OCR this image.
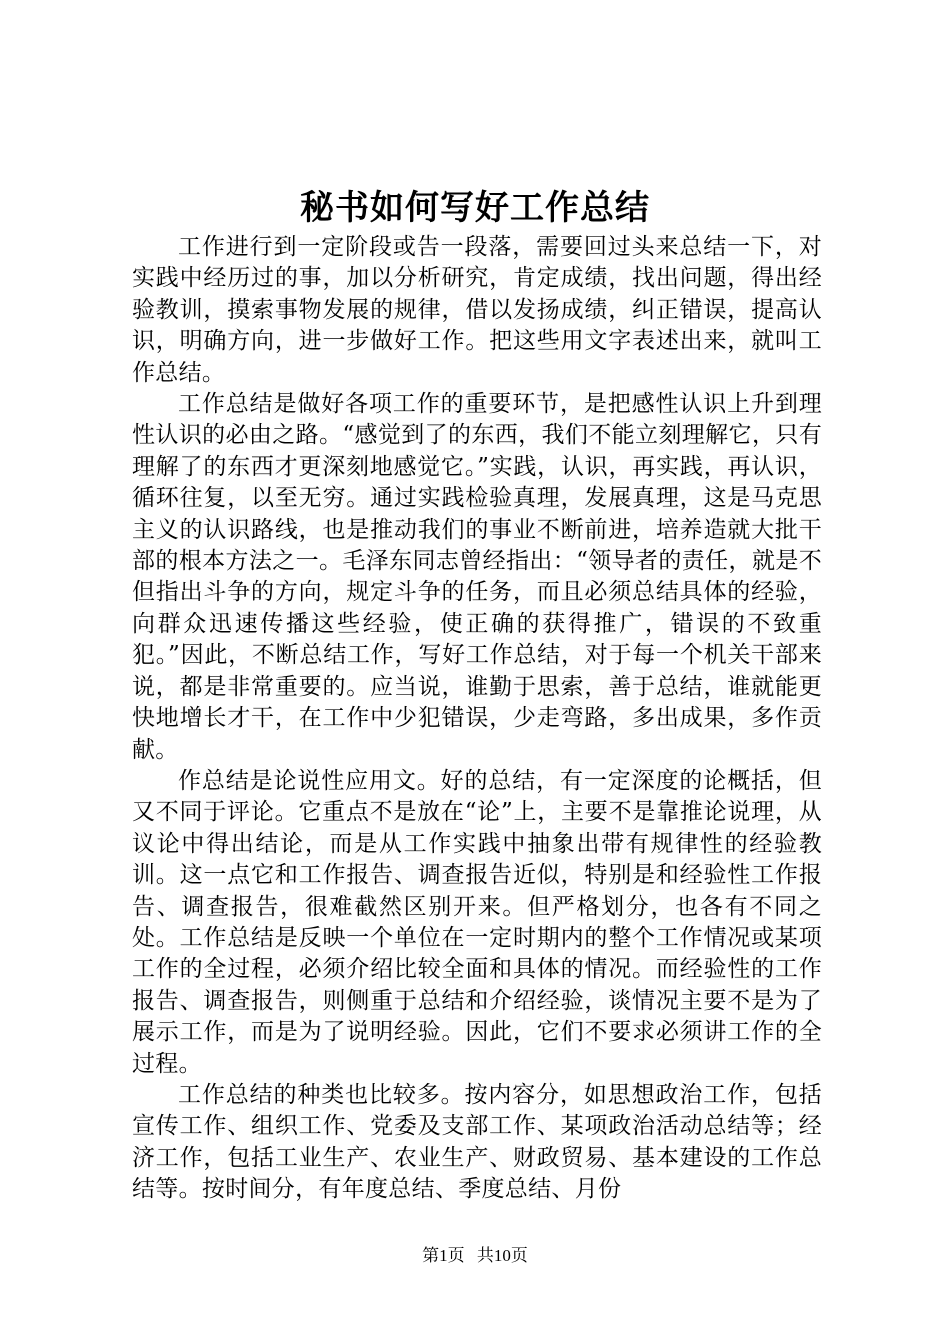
秘书如何写好工作总结

工作进行到一定阶段或告一段落，需要回过头来总结一下，对实践中经历过的事，加以分析研究，肯定成绩，找出问题，得出经验教训，摸索事物发展的规律，借以发扬成绩，纠正错误，提高认识，明确方向，进一步做好工作。把这些用文字表述出来，就叫工作总结。

工作总结是做好各项工作的重要环节，是把感性认识上升到理性认识的必由之路。“感觉到了的东西，我们不能立刻理解它，只有理解了的东西才更深刻地感觉它。”实践，认识，再实践，再认识，循环往复，以至无穷。通过实践检验真理，发展真理，这是马克思主义的认识路线，也是推动我们的事业不断前进，培养造就大批干部的根本方法之一。毛泽东同志曾经指出：“领导者的责任，就是不但指出斗争的方向，规定斗争的任务，而且必须总结具体的经验，向群众迅速传播这些经验，使正确的获得推广，错误的不致重犯。”因此，不断总结工作，写好工作总结，对于每一个机关干部来说，都是非常重要的。应当说，谁勤于思索，善于总结，谁就能更快地增长才干，在工作中少犯错误，少走弯路，多出成果，多作贡献。

作总结是论说性应用文。好的总结，有一定深度的论概括，但又不同于评论。它重点不是放在“论”上，主要不是靠推论说理，从议论中得出结论，而是从工作实践中抽象出带有规律性的经验教训。这一点它和工作报告、调查报告近似，特别是和经验性工作报告、调查报告，很难截然区别开来。但严格划分，也各有不同之处。工作总结是反映一个单位在一定时期内的整个工作情况或某项工作的全过程，必须介绍比较全面和具体的情况。而经验性的工作报告、调查报告，则侧重于总结和介绍经验，谈情况主要不是为了展示工作，而是为了说明经验。因此，它们不要求必须讲工作的全过程。

工作总结的种类也比较多。按内容分，如思想政治工作，包括宣传工作、组织工作、党委及支部工作、某项政治活动总结等；经济工作，包括工业生产、农业生产、财政贸易、基本建设的工作总结等。按时间分，有年度总结、季度总结、月份

第1页 共10页
